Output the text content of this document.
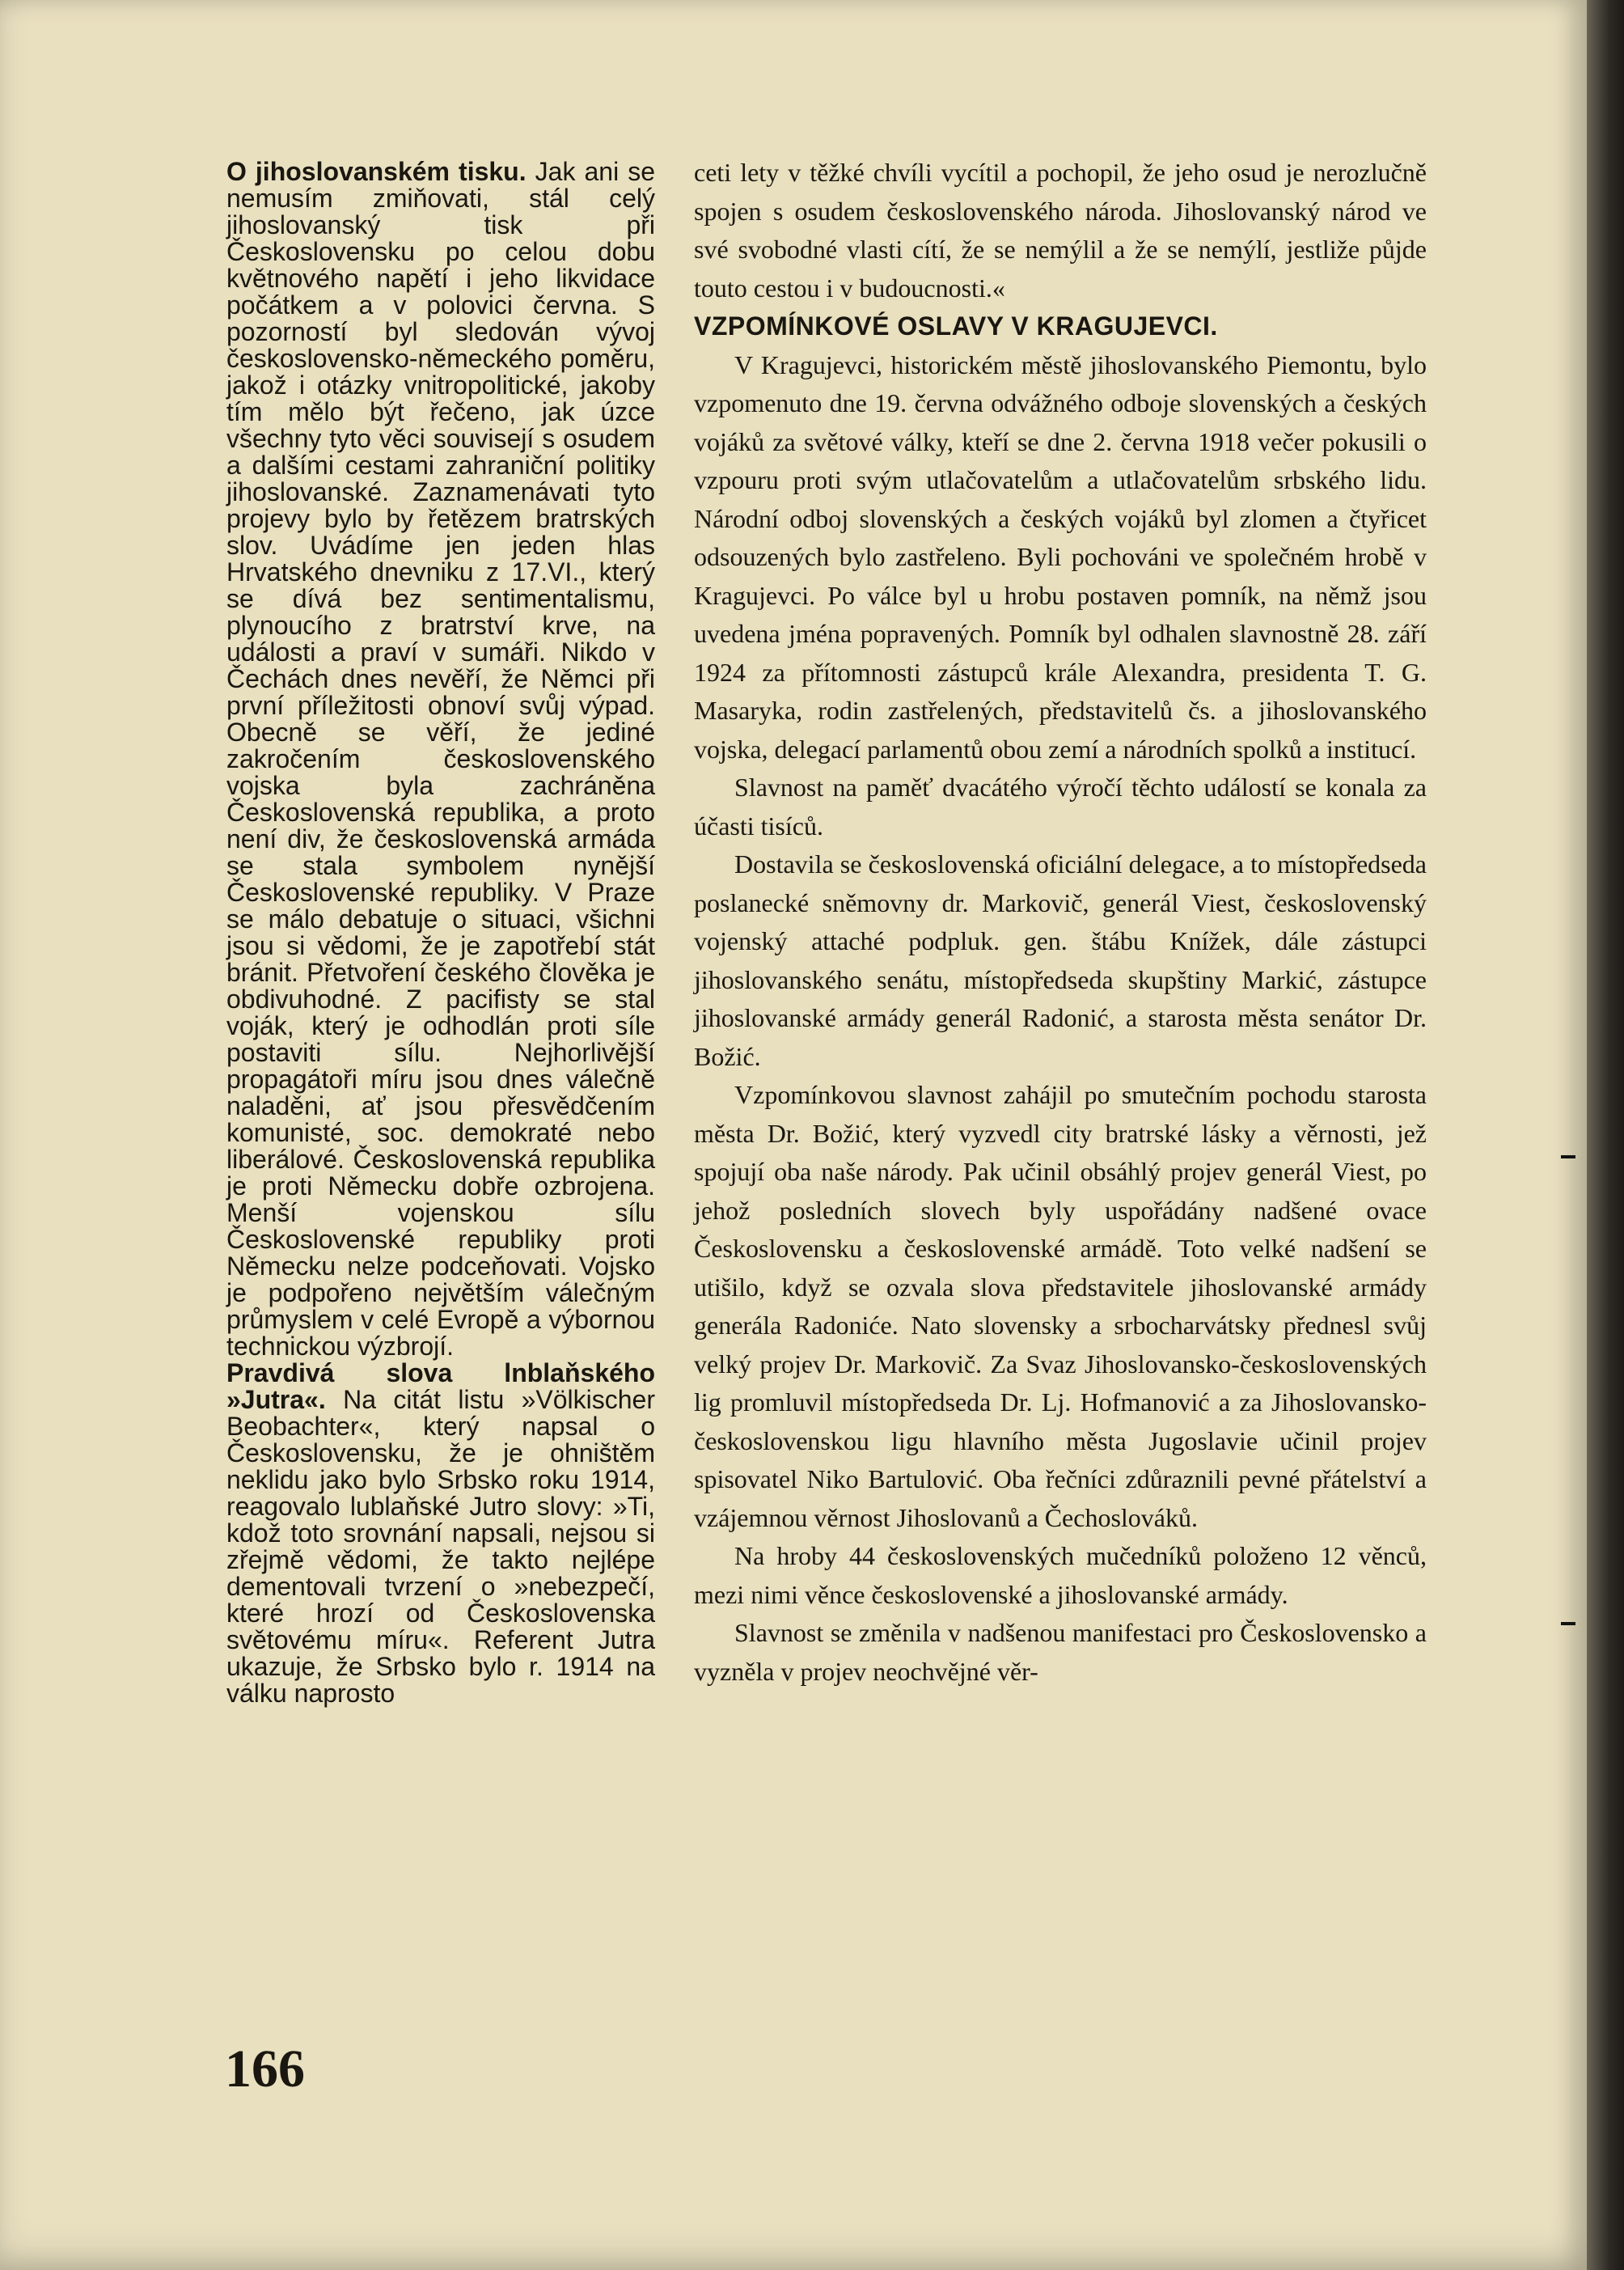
O jihoslovanském tisku. Jak ani se nemusím zmiňovati, stál celý jihoslovanský tisk při Československu po celou dobu květnového napětí i jeho likvidace počátkem a v polovici června. S pozorností byl sledován vývoj československo-německého poměru, jakož i otázky vnitropolitické, jakoby tím mělo být řečeno, jak úzce všechny tyto věci souvisejí s osudem a dalšími cestami zahraniční politiky jihoslovanské. Zaznamenávati tyto projevy bylo by řetězem bratrských slov. Uvádíme jen jeden hlas Hrvatského dnevniku z 17.VI., který se dívá bez sentimentalismu, plynoucího z bratrství krve, na události a praví v sumáři. Nikdo v Čechách dnes nevěří, že Němci při první příležitosti obnoví svůj výpad. Obecně se věří, že jediné zakročením československého vojska byla zachráněna Československá republika, a proto není div, že československá armáda se stala symbolem nynější Československé republiky. V Praze se málo debatuje o situaci, všichni jsou si vědomi, že je zapotřebí stát bránit. Přetvoření českého člověka je obdivuhodné. Z pacifisty se stal voják, který je odhodlán proti síle postaviti sílu. Nejhorlivější propagátoři míru jsou dnes válečně naladěni, ať jsou přesvědčením komunisté, soc. demokraté nebo liberálové. Československá republika je proti Německu dobře ozbrojena. Menší vojenskou sílu Československé republiky proti Německu nelze podceňovati. Vojsko je podpořeno největším válečným průmyslem v celé Evropě a výbornou technickou výzbrojí.

Pravdivá slova lnblaňského »Jutra«. Na citát listu »Völkischer Beobachter«, který napsal o Československu, že je ohništěm neklidu jako bylo Srbsko roku 1914, reagovalo lublaňské Jutro slovy: »Ti, kdož toto srovnání napsali, nejsou si zřejmě vědomi, že takto nejlépe dementovali tvrzení o »nebezpečí, které hrozí od Československa světovému míru«. Referent Jutra ukazuje, že Srbsko bylo r. 1914 na válku naprosto

ceti lety v těžké chvíli vycítil a pochopil, že jeho osud je nerozlučně spojen s osudem československého národa. Jihoslovanský národ ve své svobodné vlasti cítí, že se nemýlil a že se nemýlí, jestliže půjde touto cestou i v budoucnosti.«

VZPOMÍNKOVÉ OSLAVY V KRAGUJEVCI.

V Kragujevci, historickém městě jihoslovanského Piemontu, bylo vzpomenuto dne 19. června odvážného odboje slovenských a českých vojáků za světové války, kteří se dne 2. června 1918 večer pokusili o vzpouru proti svým utlačovatelům a utlačovatelům srbského lidu. Národní odboj slovenských a českých vojáků byl zlomen a čtyřicet odsouzených bylo zastřeleno. Byli pochováni ve společném hrobě v Kragujevci. Po válce byl u hrobu postaven pomník, na němž jsou uvedena jména popravených. Pomník byl odhalen slavnostně 28. září 1924 za přítomnosti zástupců krále Alexandra, presidenta T. G. Masaryka, rodin zastřelených, představitelů čs. a jihoslovanského vojska, delegací parlamentů obou zemí a národních spolků a institucí.

Slavnost na paměť dvacátého výročí těchto událostí se konala za účasti tisíců.

Dostavila se československá oficiální delegace, a to místopředseda poslanecké sněmovny dr. Markovič, generál Viest, československý vojenský attaché podpluk. gen. štábu Knížek, dále zástupci jihoslovanského senátu, místopředseda skupštiny Markić, zástupce jihoslovanské armády generál Radonić, a starosta města senátor Dr. Božić.

Vzpomínkovou slavnost zahájil po smutečním pochodu starosta města Dr. Božić, který vyzvedl city bratrské lásky a věrnosti, jež spojují oba naše národy. Pak učinil obsáhlý projev generál Viest, po jehož posledních slovech byly uspořádány nadšené ovace Československu a československé armádě. Toto velké nadšení se utišilo, když se ozvala slova představitele jihoslovanské armády generála Radoniće. Nato slovensky a srbocharvátsky přednesl svůj velký projev Dr. Markovič. Za Svaz Jihoslovansko-československých lig promluvil místopředseda Dr. Lj. Hofmanović a za Jihoslovansko-československou ligu hlavního města Jugoslavie učinil projev spisovatel Niko Bartulović. Oba řečníci zdůraznili pevné přátelství a vzájemnou věrnost Jihoslovanů a Čechoslováků.

Na hroby 44 československých mučedníků položeno 12 věnců, mezi nimi věnce československé a jihoslovanské armády.

Slavnost se změnila v nadšenou manifestaci pro Československo a vyzněla v projev neochvějné věr-

166
